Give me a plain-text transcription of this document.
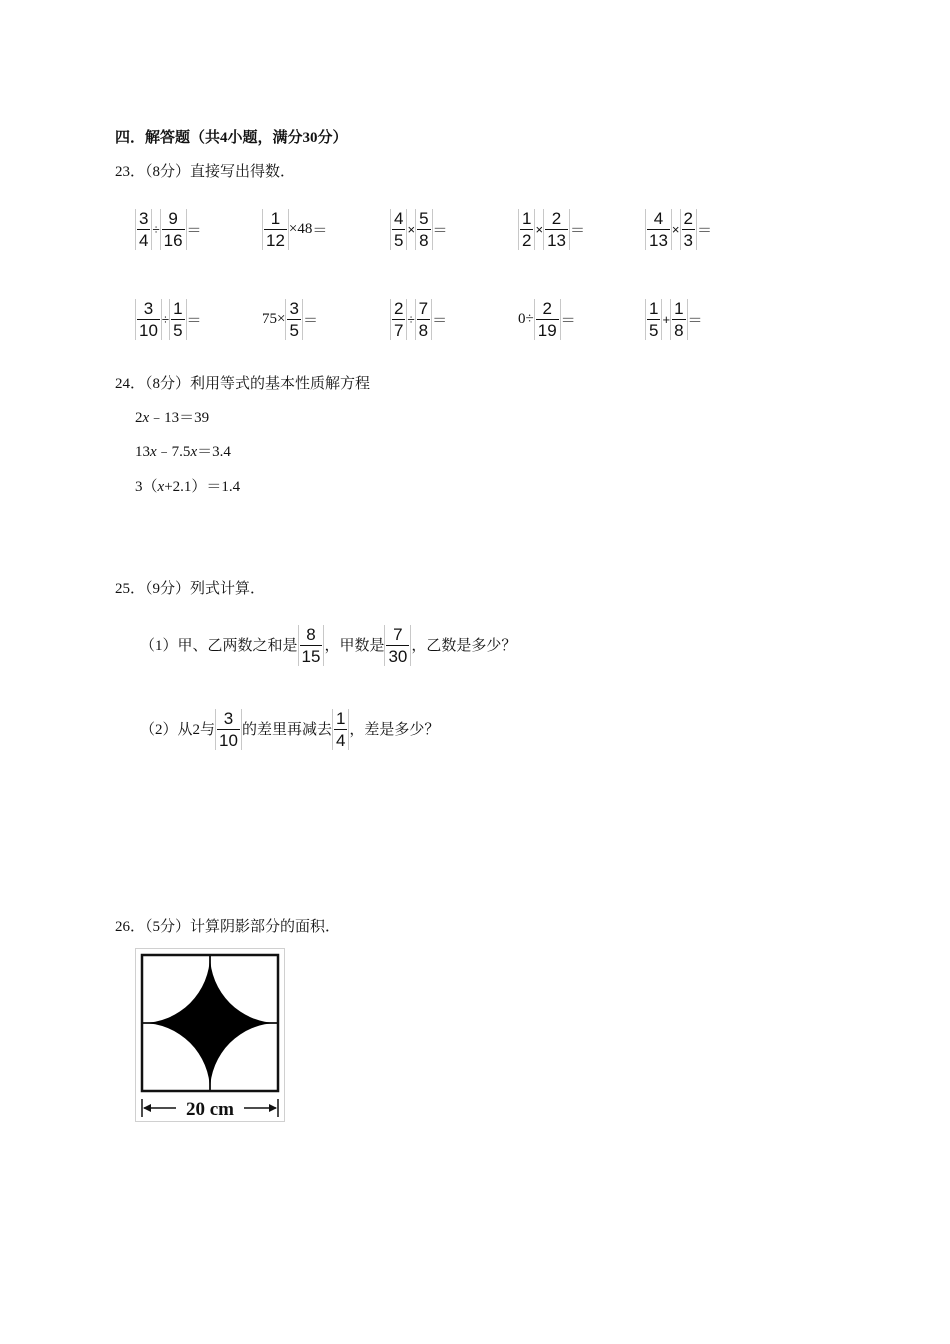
四．解答题（共4小题，满分30分）
23．（8分）直接写出得数．
$\frac{3}{4} \div \frac{9}{16}$ ＝	$\frac{1}{12} \times 48$ ＝	$\frac{4}{5} \times \frac{5}{8}$ ＝	$\frac{1}{2} \times \frac{2}{13}$ ＝	$\frac{4}{13} \times \frac{2}{3}$ ＝
$\frac{3}{10} \div \frac{1}{5}$ ＝	$75\times \frac{3}{5}$ ＝	$\frac{2}{7} \div \frac{7}{8}$ ＝	$0\div \frac{2}{19}$ ＝	$\frac{1}{5} + \frac{1}{8}$ ＝
24．（8分）利用等式的基本性质解方程
2x﹣13＝39
13x﹣7.5x＝3.4
3（x+2.1）＝1.4
25．（9分）列式计算．
（1）甲、乙两数之和是 $\frac{8}{15}$ ，甲数是 $\frac{7}{30}$ ，乙数是多少？
（2）从2与 $\frac{3}{10}$ 的差里再减去 $\frac{1}{4}$ ，差是多少？
26．（5分）计算阴影部分的面积．
20 cm
